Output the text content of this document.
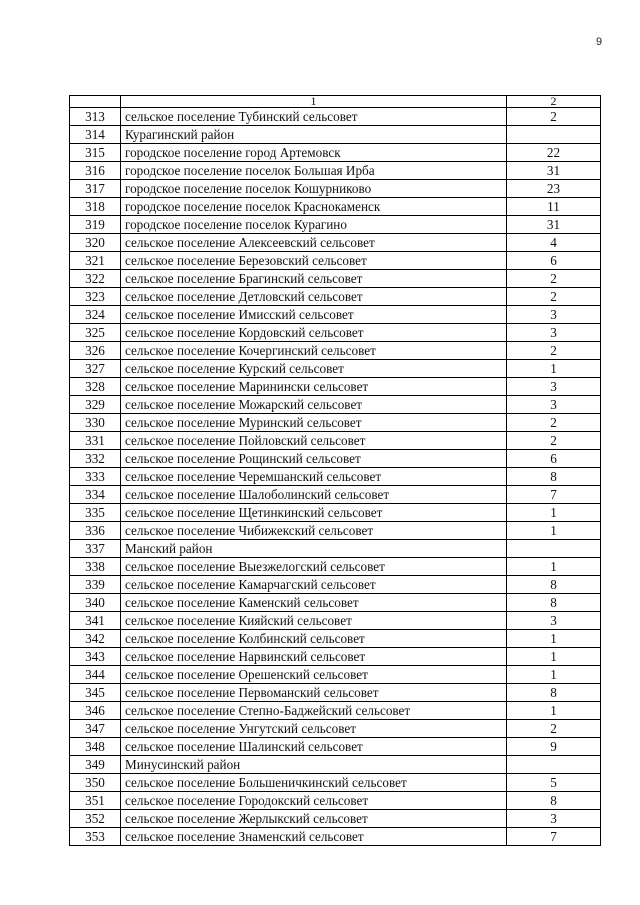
9
	1	2
313	сельское поселение Тубинский сельсовет	2
314	Курагинский район	
315	городское поселение город Артемовск	22
316	городское поселение поселок Большая Ирба	31
317	городское поселение поселок Кошурниково	23
318	городское поселение поселок Краснокаменск	11
319	городское поселение поселок Курагино	31
320	сельское поселение Алексеевский сельсовет	4
321	сельское поселение Березовский сельсовет	6
322	сельское поселение Брагинский сельсовет	2
323	сельское поселение Детловский сельсовет	2
324	сельское поселение Имисский сельсовет	3
325	сельское поселение Кордовский сельсовет	3
326	сельское поселение Кочергинский сельсовет	2
327	сельское поселение Курский сельсовет	1
328	сельское поселение Маринински сельсовет	3
329	сельское поселение Можарский сельсовет	3
330	сельское поселение Муринский сельсовет	2
331	сельское поселение Пойловский сельсовет	2
332	сельское поселение Рощинский сельсовет	6
333	сельское поселение Черемшанский сельсовет	8
334	сельское поселение Шалоболинский сельсовет	7
335	сельское поселение Щетинкинский сельсовет	1
336	сельское поселение Чибижекский сельсовет	1
337	Манский район	
338	сельское поселение Выезжелогский сельсовет	1
339	сельское поселение Камарчагский сельсовет	8
340	сельское поселение Каменский сельсовет	8
341	сельское поселение Кияйский сельсовет	3
342	сельское поселение Колбинский сельсовет	1
343	сельское поселение Нарвинский сельсовет	1
344	сельское поселение Орешенский сельсовет	1
345	сельское поселение Первоманский сельсовет	8
346	сельское поселение Степно-Баджейский сельсовет	1
347	сельское поселение Унгутский сельсовет	2
348	сельское поселение Шалинский сельсовет	9
349	Минусинский район	
350	сельское поселение Большеничкинский сельсовет	5
351	сельское поселение Городокский сельсовет	8
352	сельское поселение Жерлыкский сельсовет	3
353	сельское поселение Знаменский сельсовет	7
